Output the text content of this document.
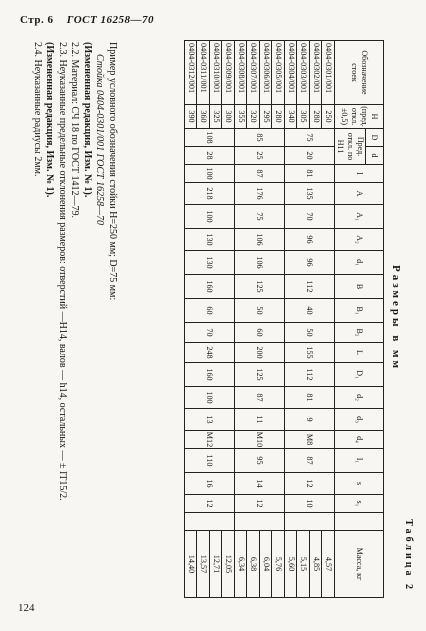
Стр. 6 ГОСТ 16258—70
Таблица 2
Размеры в мм
Обозначение стоек	H (пред. откл. ±0,5)	D	d	l	A	A₁	A₂	d₁	B	B₁	B₂	L	D₁	d₂	d₃	d₄	l₁	s	s₁		Масса, кг
		Пред. откл. по H11																			
0404-0301/001	250	75	20	81	135	70	96	96	112	40	50	155	112	81	9	M8	87	12	10		4,57
0404-0302/001	280																				4,85
0404-0303/001	305																				5,15
0404-0304/001	340																				5,60
0404-0305/001	280	85	25	87	176	75	106	106	125	50	60	200	125	87	11	M10	95	14	12		5,76
0404-0306/001	295																				6,04
0404-0307/001	320																				6,38
0404-0308/001	355																				6,34
0404-0309/001	300	108	28	100	218	100	130	130	160	60	70	248	160	100	13	M12	110	16	12		12,05
0404-0310/001	325																				12,71
0404-0311/001	360																				13,57
0404-0312/001	390																				14,40

Пример условного обозначения стойки H=250 мм; D=75 мм:

Стойка 0404-0301/001 ГОСТ 16258—70

(Измененная редакция, Изм. № 1).

2.2. Материал: СЧ 18 по ГОСТ 1412—79.

2.3. Неуказанные предельные отклонения размеров: отверстий —H14, валов — h14, остальных — ± IT15/2.

(Измененная редакция, Изм. № 1).

2.4. Неуказанные радиусы 2мм.

124
